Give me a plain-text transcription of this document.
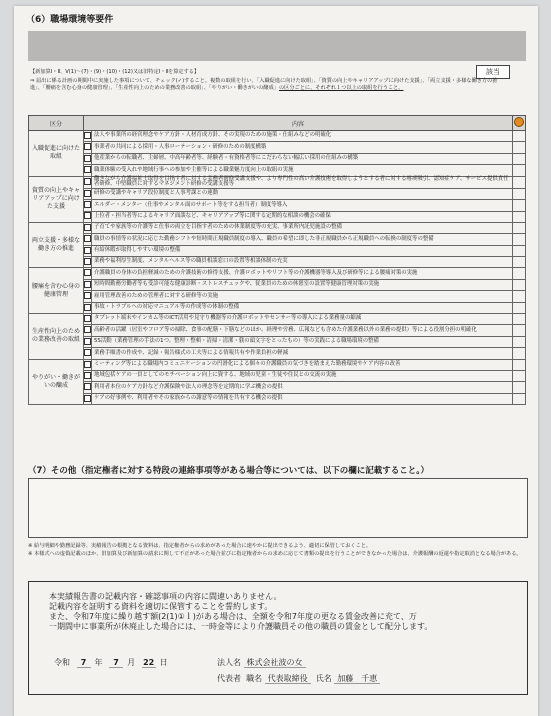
（6）職場環境等要件
該当
【新加算Ⅰ・Ⅱ、Ⅴ(1)〜(7)・(9)・(10)・(12)又は旧特定Ⅰ・Ⅱを算定する】
⇒ 届出に係る計画の期間中に実施した事項について、チェック(✓)すること。複数の取組を行い、「入職促進に向けた取組」、「資質の向上やキャリアアップに向けた支援」、「両立支援・多様な働き方の推進」、「腰痛を含む心身の健康管理」、「生産性向上のための業務改善の取組」、「やりがい・働きがいの醸成」の区分ごとに、それぞれ１つ以上の取組を行うこと。
区分	内容		
入職促進に向けた取組		法人や事業所の経営理念やケア方針・人材育成方針、その実現のための施策・仕組みなどの明確化	
		事業者の共同による採用・人事ローテーション・研修のための制度構築	
		他産業からの転職者、主婦層、中高年齢者等、経験者・有資格者等にこだわらない幅広い採用の仕組みの構築	
		職業体験の受入れや地域行事への参加や主催等による職業魅力度向上の取組の実施	
資質の向上やキャリアアップに向けた支援		働きながら介護福祉士取得を目指す者に対する実務者研修受講支援や、より専門性の高い介護技術を取得しようとする者に対する喀痰吸引、認知症ケア、サービス提供責任者研修、中堅職員に対するマネジメント研修の受講支援等	
		研修の受講やキャリア段位制度と人事考課との連動	
		エルダー・メンター（仕事やメンタル面のサポート等をする担当者）制度等導入	
		上位者・担当者等によるキャリア面談など、キャリアアップ等に関する定期的な相談の機会の確保	
両立支援・多様な働き方の推進		子育てや家族等の介護等と仕事の両立を目指す者のための休業制度等の充実、事業所内託児施設の整備	
		職員の事情等の状況に応じた勤務シフトや短時間正規職員制度の導入、職員の希望に即した非正規職員から正規職員への転換の制度等の整備	
		有給休暇が取得しやすい環境の整備	
		業務や福利厚生制度、メンタルヘルス等の職員相談窓口の設置等相談体制の充実	
腰痛を含む心身の健康管理		介護職員の身体の負担軽減のための介護技術の修得支援、介護ロボットやリフト等の介護機器等導入及び研修等による腰痛対策の実施	
		短時間勤務労働者等も受診可能な健康診断・ストレスチェックや、従業員のための休憩室の設置等健康管理対策の実施	
		雇用管理改善のための管理者に対する研修等の実施	
		事故・トラブルへの対応マニュアル等の作成等の体制の整備	
生産性向上のための業務改善の取組		タブレット端末やインカム等のICT活用や見守り機器等の介護ロボットやセンサー等の導入による業務量の縮減	
		高齢者の活躍（居室やフロア等の掃除、食事の配膳・下膳などのほか、経理や労務、広報なども含めた介護業務以外の業務の提供）等による役割分担の明確化	
		5S活動（業務管理の手法の1つ。整理・整頓・清掃・清潔・躾の頭文字をとったもの）等の実践による職場環境の整備	
		業務手順書の作成や、記録・報告様式の工夫等による情報共有や作業負担の軽減	
やりがい・働きがいの醸成		ミーティング等による職場内コミュニケーションの円滑化による個々の介護職員の気づきを踏まえた勤務環境やケア内容の改善	
		地域包括ケアの一員としてのモチベーション向上に資する、地域の児童・生徒や住民との交流の実施	
		利用者本位のケア方針など介護保険や法人の理念等を定期的に学ぶ機会の提供	
		ケアの好事例や、利用者やその家族からの謝意等の情報を共有する機会の提供	
（7）その他（指定権者に対する特段の連絡事項等がある場合等については、以下の欄に記載すること。）
※ 給与明細や勤務記録等、実績報告の根拠となる資料は、指定権者からの求めがあった場合に速やかに提出できるよう、適切に保管しておくこと。
※ 本様式への虚偽記載のほか、旧加算及び新加算の請求に関して不正があった場合並びに指定権者からの求めに応じて書類の提出を行うことができなかった場合は、介護報酬の返還や指定取消となる場合がある。
本実績報告書の記載内容・確認事項の内容に間違いありません。
記載内容を証明する資料を適切に保管することを誓約します。
また、令和7年度に繰り越す額(2(1)①ｌ)がある場合は、全額を令和7年度の更なる賃金改善に充て、万
一期間中に事業所が休廃止した場合には、一時金等により介護職員その他の職員の賃金として配分します。
令和 7 年 7 月 22 日	法人名 株式会社波の女
代表者 職名 代表取締役 氏名 加藤　千恵
